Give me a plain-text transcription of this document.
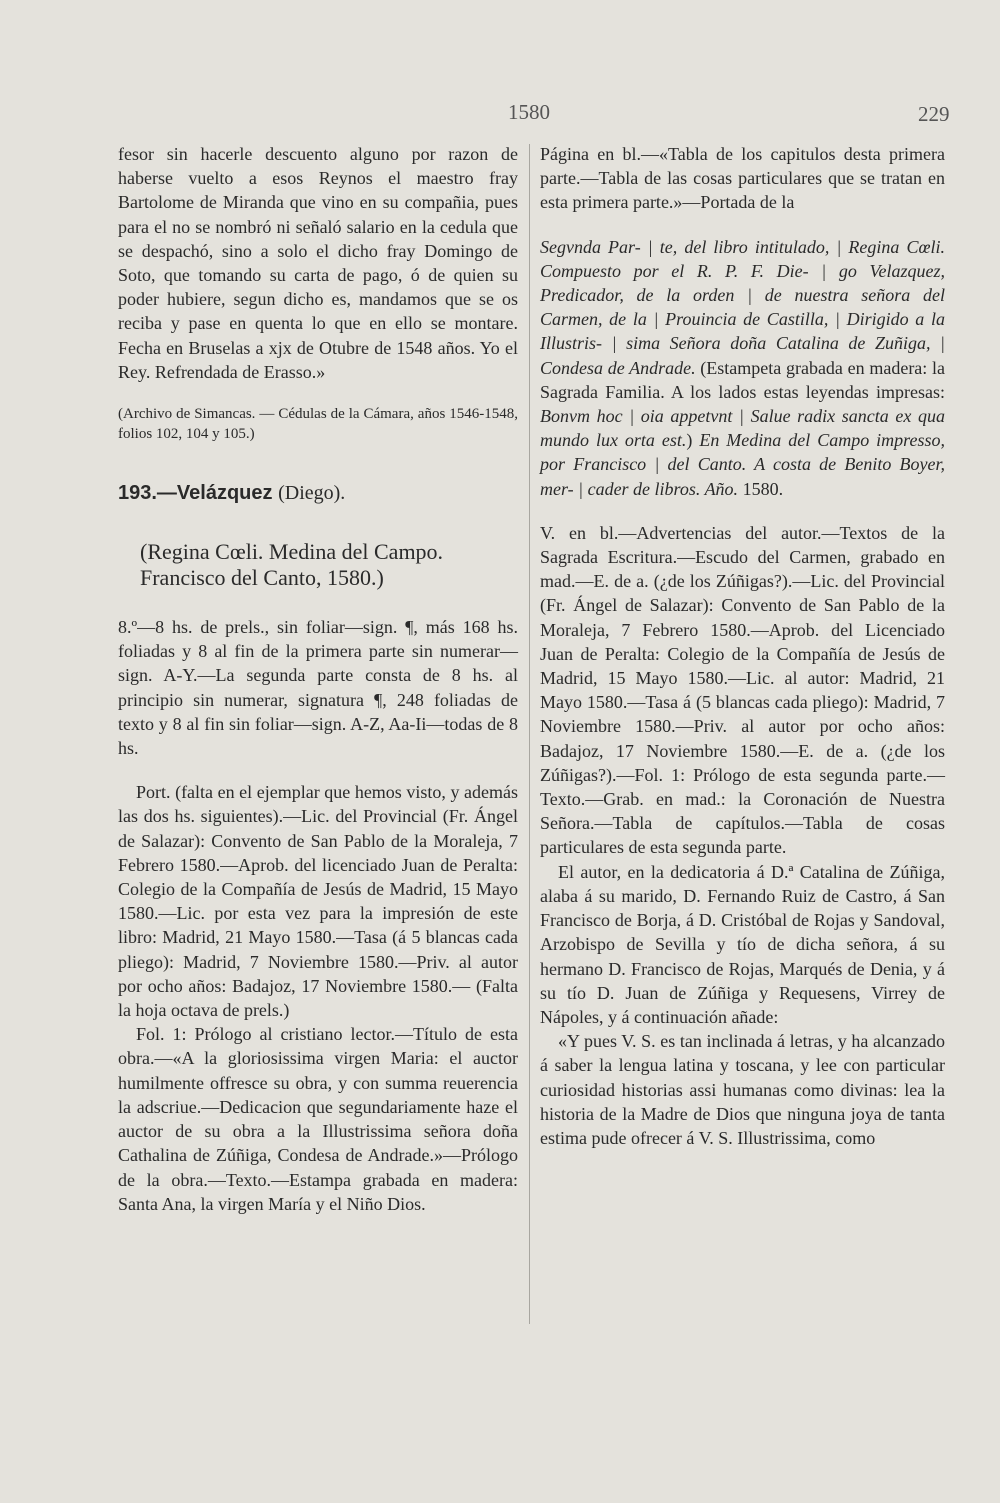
1580	229

fesor sin hacerle descuento alguno por razon de haberse vuelto a esos Reynos el maestro fray Bartolome de Miranda que vino en su compañia, pues para el no se nombró ni señaló salario en la cedula que se despachó, sino a solo el dicho fray Domingo de Soto, que tomando su carta de pago, ó de quien su poder hubiere, segun dicho es, mandamos que se os reciba y pase en quenta lo que en ello se montare. Fecha en Bruselas a xjx de Otubre de 1548 años. Yo el Rey. Refrendada de Erasso.»

(Archivo de Simancas. — Cédulas de la Cámara, años 1546-1548, folios 102, 104 y 105.)

193.—Velázquez (Diego).

(Regina Cœli. Medina del Campo.
Francisco del Canto, 1580.)

8.º—8 hs. de prels., sin foliar—sign. ¶, más 168 hs. foliadas y 8 al fin de la primera parte sin numerar—sign. A-Y.—La segunda parte consta de 8 hs. al principio sin numerar, signatura ¶, 248 foliadas de texto y 8 al fin sin foliar—sign. A-Z, Aa-Ii—todas de 8 hs.

Port. (falta en el ejemplar que hemos visto, y además las dos hs. siguientes).—Lic. del Provincial (Fr. Ángel de Salazar): Convento de San Pablo de la Moraleja, 7 Febrero 1580.—Aprob. del licenciado Juan de Peralta: Colegio de la Compañía de Jesús de Madrid, 15 Mayo 1580.—Lic. por esta vez para la impresión de este libro: Madrid, 21 Mayo 1580.—Tasa (á 5 blancas cada pliego): Madrid, 7 Noviembre 1580.—Priv. al autor por ocho años: Badajoz, 17 Noviembre 1580.— (Falta la hoja octava de prels.)

Fol. 1: Prólogo al cristiano lector.—Título de esta obra.—«A la gloriosissima virgen Maria: el auctor humilmente offresce su obra, y con summa reuerencia la adscriue.—Dedicacion que segundariamente haze el auctor de su obra a la Illustrissima señora doña Cathalina de Zúñiga, Condesa de Andrade.»—Prólogo de la obra.—Texto.—Estampa grabada en madera: Santa Ana, la virgen María y el Niño Dios.

Página en bl.—«Tabla de los capitulos desta primera parte.—Tabla de las cosas particulares que se tratan en esta primera parte.»—Portada de la

Segvnda Par- | te, del libro intitulado, | Regina Cœli. Compuesto por el R. P. F. Die- | go Velazquez, Predicador, de la orden | de nuestra señora del Carmen, de la | Prouincia de Castilla, | Dirigido a la Illustris- | sima Señora doña Catalina de Zuñiga, | Condesa de Andrade. (Estampeta grabada en madera: la Sagrada Familia. A los lados estas leyendas impresas: Bonvm hoc | oia appetvnt | Salue radix sancta ex qua mundo lux orta est.) En Medina del Campo impresso, por Francisco | del Canto. A costa de Benito Boyer, mer- | cader de libros. Año. 1580.

V. en bl.—Advertencias del autor.—Textos de la Sagrada Escritura.—Escudo del Carmen, grabado en mad.—E. de a. (¿de los Zúñigas?).—Lic. del Provincial (Fr. Ángel de Salazar): Convento de San Pablo de la Moraleja, 7 Febrero 1580.—Aprob. del Licenciado Juan de Peralta: Colegio de la Compañía de Jesús de Madrid, 15 Mayo 1580.—Lic. al autor: Madrid, 21 Mayo 1580.—Tasa á (5 blancas cada pliego): Madrid, 7 Noviembre 1580.—Priv. al autor por ocho años: Badajoz, 17 Noviembre 1580.—E. de a. (¿de los Zúñigas?).—Fol. 1: Prólogo de esta segunda parte.—Texto.—Grab. en mad.: la Coronación de Nuestra Señora.—Tabla de capítulos.—Tabla de cosas particulares de esta segunda parte.

El autor, en la dedicatoria á D.ª Catalina de Zúñiga, alaba á su marido, D. Fernando Ruiz de Castro, á San Francisco de Borja, á D. Cristóbal de Rojas y Sandoval, Arzobispo de Sevilla y tío de dicha señora, á su hermano D. Francisco de Rojas, Marqués de Denia, y á su tío D. Juan de Zúñiga y Requesens, Virrey de Nápoles, y á continuación añade:

«Y pues V. S. es tan inclinada á letras, y ha alcanzado á saber la lengua latina y toscana, y lee con particular curiosidad historias assi humanas como divinas: lea la historia de la Madre de Dios que ninguna joya de tanta estima pude ofrecer á V. S. Illustrissima, como
